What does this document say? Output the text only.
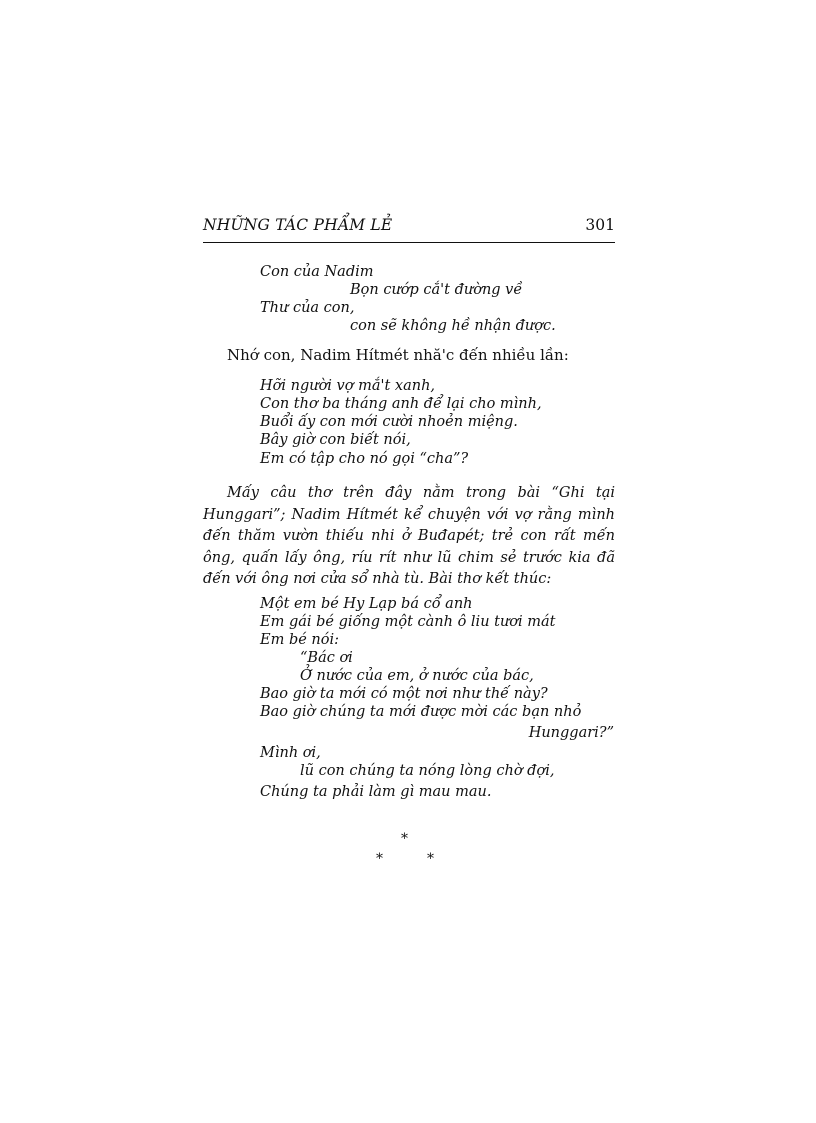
NHỮNG TÁC PHẨM LẺ	301
Con của Nadim
Bọn cướp cắ't đường về
Thư của con,
con sẽ không hề nhận được.
Nhớ con, Nadim Hítmét nhă'c đến nhiều lần:
Hỡi người vợ mắ't xanh,
Con thơ ba tháng anh để lại cho mình,
Buổi ấy con mới cười nhoẻn miệng.
Bây giờ con biết nói,
Em có tập cho nó gọi “cha”?
Mấy câu thơ trên đây nằm trong bài “Ghi tại Hunggari”; Nadim Hítmét kể chuyện với vợ rằng mình đến thăm vườn thiếu nhi ở Buđapét; trẻ con rất mến ông, quấn lấy ông, ríu rít như lũ chim sẻ trước kia đã đến với ông nơi cửa sổ nhà tù. Bài thơ kết thúc:
Một em bé Hy Lạp bá cổ anh
Em gái bé giống một cành ô liu tươi mát
Em bé nói:
“Bác ơi
Ở nước của em, ở nước của bác,
Bao giờ ta mới có một nơi như thế này?
Bao giờ chúng ta mới được mời các bạn nhỏ
Hunggari?”
Mình ơi,
lũ con chúng ta nóng lòng chờ đợi,
Chúng ta phải làm gì mau mau.
*
*	*
